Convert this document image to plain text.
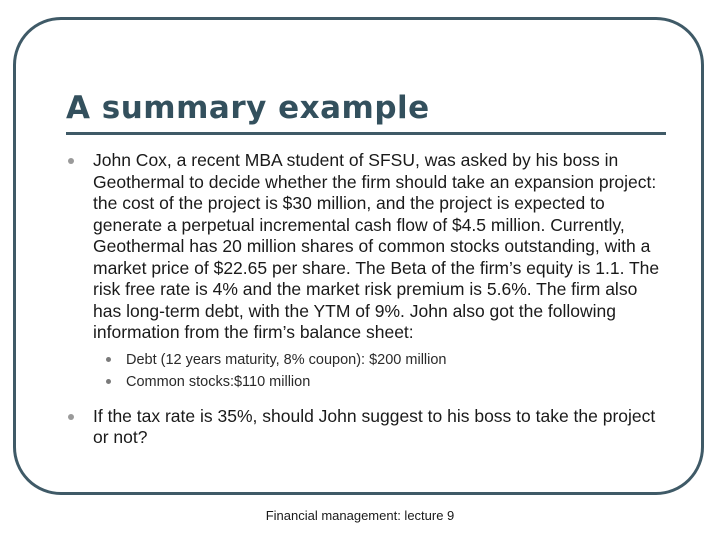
A summary example
John Cox, a recent MBA student of SFSU, was asked by his boss in Geothermal to decide whether the firm should take an expansion project: the cost of the project is $30 million, and the project is expected to generate a perpetual incremental cash flow of $4.5 million. Currently, Geothermal has 20 million shares of common stocks outstanding, with a market price of $22.65 per share. The Beta of the firm’s equity is 1.1. The risk free rate is 4% and the market risk premium is 5.6%. The firm also has long-term debt, with the YTM of 9%. John also got the following information from the firm’s balance sheet:
Debt (12 years maturity, 8% coupon): $200 million
Common stocks:$110 million
If the tax rate is 35%, should John suggest to his boss to take the project or not?
Financial management: lecture 9
